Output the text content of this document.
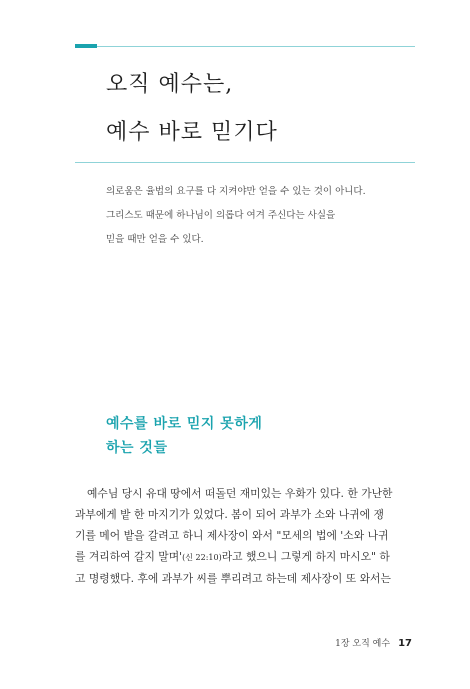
오직 예수는,
예수 바로 믿기다

의로움은 율법의 요구를 다 지켜야만 얻을 수 있는 것이 아니다.

그리스도 때문에 하나님이 의롭다 여겨 주신다는 사실을

믿을 때만 얻을 수 있다.

예수를 바로 믿지 못하게
하는 것들

예수님 당시 유대 땅에서 떠돌던 재미있는 우화가 있다. 한 가난한

과부에게 밭 한 마지기가 있었다. 봄이 되어 과부가 소와 나귀에 쟁

기를 메어 밭을 갈려고 하니 제사장이 와서 "모세의 법에 '소와 나귀

를 겨리하여 갈지 말며'(신 22:10)라고 했으니 그렇게 하지 마시오" 하

고 명령했다. 후에 과부가 씨를 뿌리려고 하는데 제사장이 또 와서는

1장 오직 예수 17
